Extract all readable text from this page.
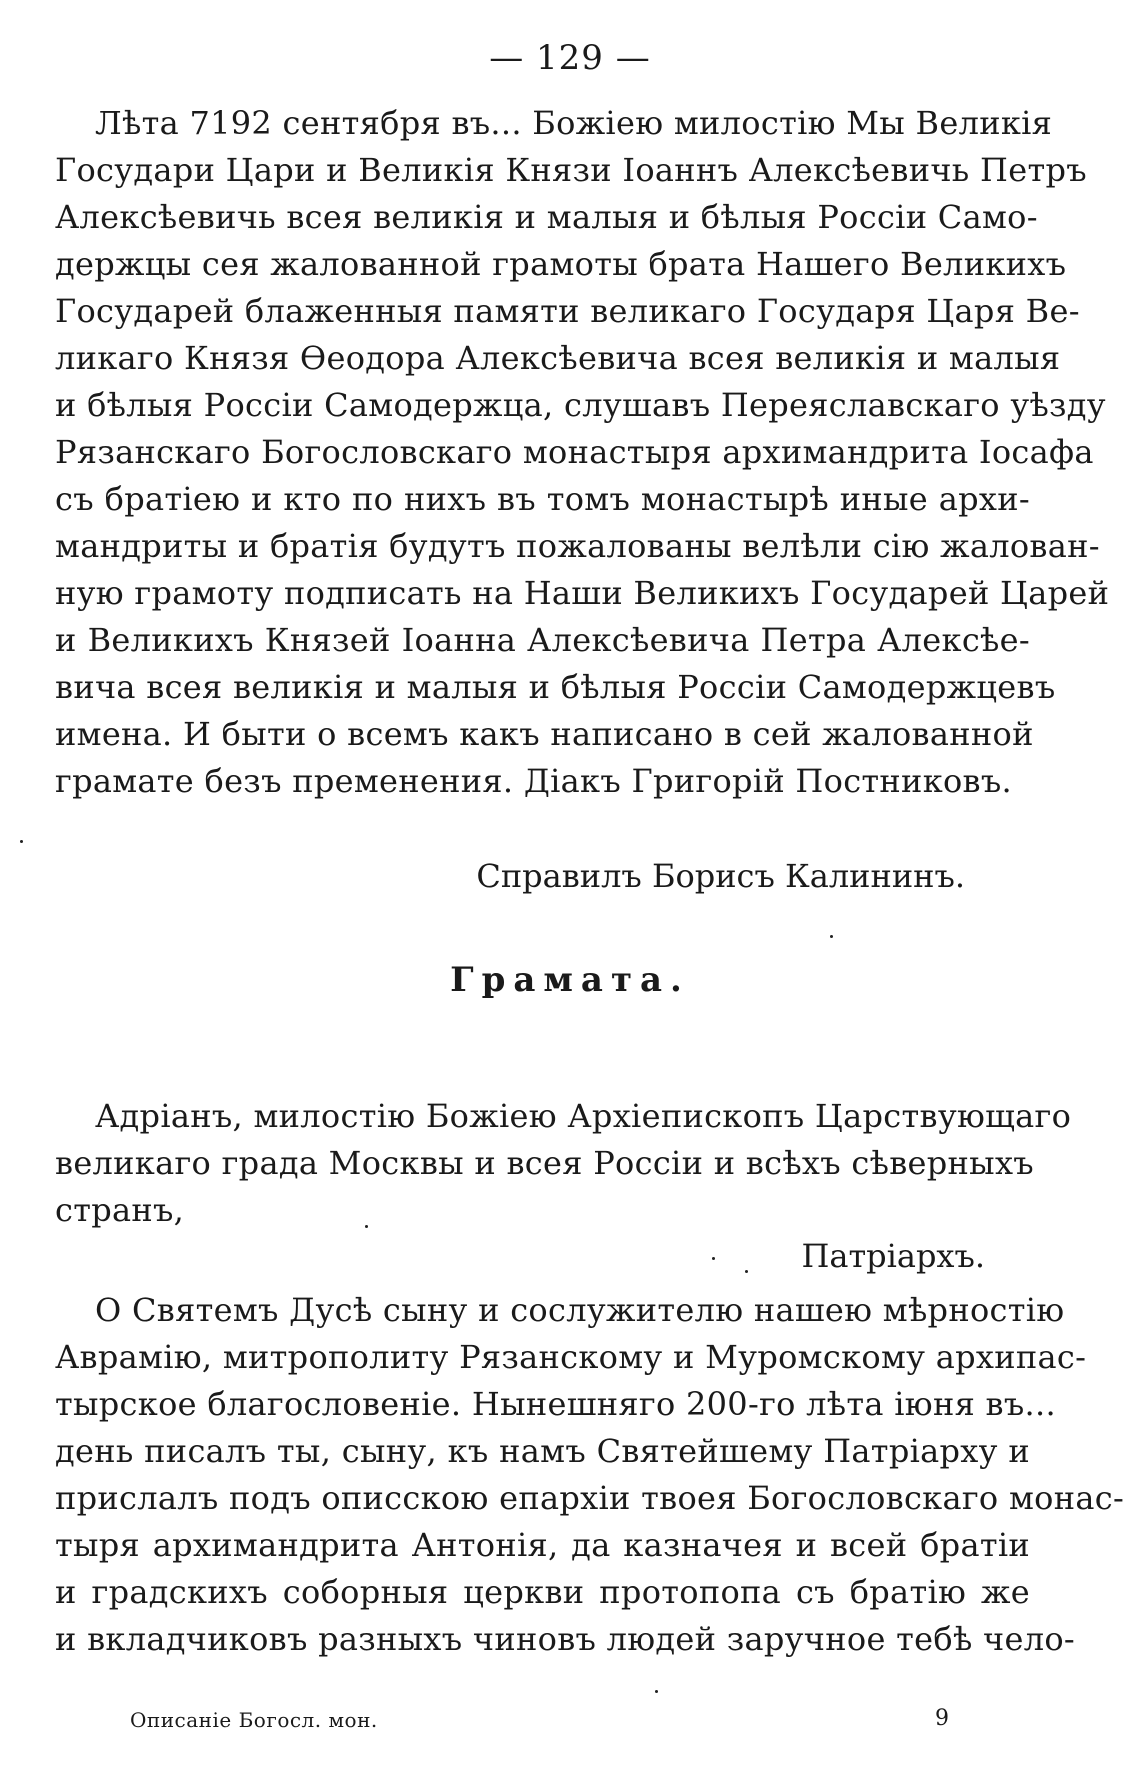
— 129 —
Лѣта 7192 сентября въ... Божіею милостію Мы Великія
Государи Цари и Великія Князи Іоаннъ Алексѣевичь Петръ
Алексѣевичь всея великія и малыя и бѣлыя Россіи Само-
держцы сея жалованной грамоты брата Нашего Великихъ
Государей блаженныя памяти великаго Государя Царя Ве-
ликаго Князя Өеодора Алексѣевича всея великія и малыя
и бѣлыя Россіи Самодержца, слушавъ Переяславскаго уѣзду
Рязанскаго Богословскаго монастыря архимандрита Іосафа
съ братіею и кто по нихъ въ томъ монастырѣ иные архи-
мандриты и братія будутъ пожалованы велѣли сію жалован-
ную грамоту подписать на Наши Великихъ Государей Царей
и Великихъ Князей Іоанна Алексѣевича Петра Алексѣе-
вича всея великія и малыя и бѣлыя Россіи Самодержцевъ
имена. И быти о всемъ какъ написано в сей жалованной
грамате безъ пременения. Діакъ Григорій Постниковъ.
Справилъ Борисъ Калининъ.
Грамата.
Адріанъ, милостію Божіею Архіепископъ Царствующаго
великаго града Москвы и всея Россіи и всѣхъ сѣверныхъ
странъ,
Патріархъ.
О Святемъ Дусѣ сыну и сослужителю нашею мѣрностію
Аврамію, митрополиту Рязанскому и Муромскому архипас-
тырское благословеніе. Нынешняго 200-го лѣта іюня въ...
день писалъ ты, сыну, къ намъ Святейшему Патріарху и
прислалъ подъ описскою епархіи твоея Богословскаго монас-
тыря архимандрита Антонія, да казначея и всей братіи
и градскихъ соборныя церкви протопопа съ братію же
и вкладчиковъ разныхъ чиновъ людей заручное тебѣ чело-
Описаніе Богосл. мон.	9
